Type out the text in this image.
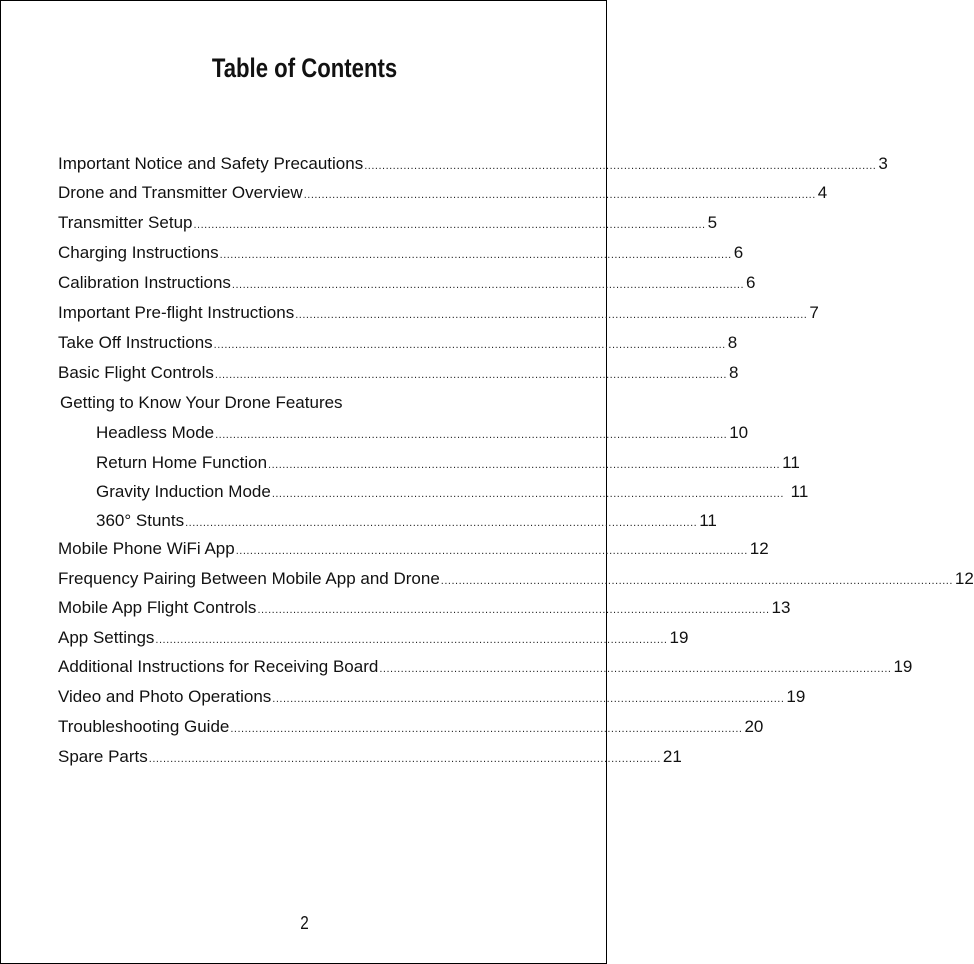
Table of Contents
Important Notice and Safety Precautions ................................................................................................................................................ 3
Drone and Transmitter Overview ................................................................................................................................................ 4
Transmitter Setup ................................................................................................................................................ 5
Charging Instructions ................................................................................................................................................ 6
Calibration Instructions ................................................................................................................................................ 6
Important Pre-flight Instructions ................................................................................................................................................ 7
Take Off Instructions ................................................................................................................................................ 8
Basic Flight Controls ................................................................................................................................................ 8
Getting to Know Your Drone Features
Headless Mode ................................................................................................................................................ 10
Return Home Function ................................................................................................................................................ 11
Gravity Induction Mode ................................................................................................................................................ 11
360° Stunts ................................................................................................................................................ 11
Mobile Phone WiFi App ................................................................................................................................................ 12
Frequency Pairing Between Mobile App and Drone ................................................................................................................................................ 12
Mobile App Flight Controls ................................................................................................................................................ 13
App Settings ................................................................................................................................................ 19
Additional Instructions for Receiving Board ................................................................................................................................................ 19
Video and Photo Operations ................................................................................................................................................ 19
Troubleshooting Guide ................................................................................................................................................ 20
Spare Parts ................................................................................................................................................ 21
2
